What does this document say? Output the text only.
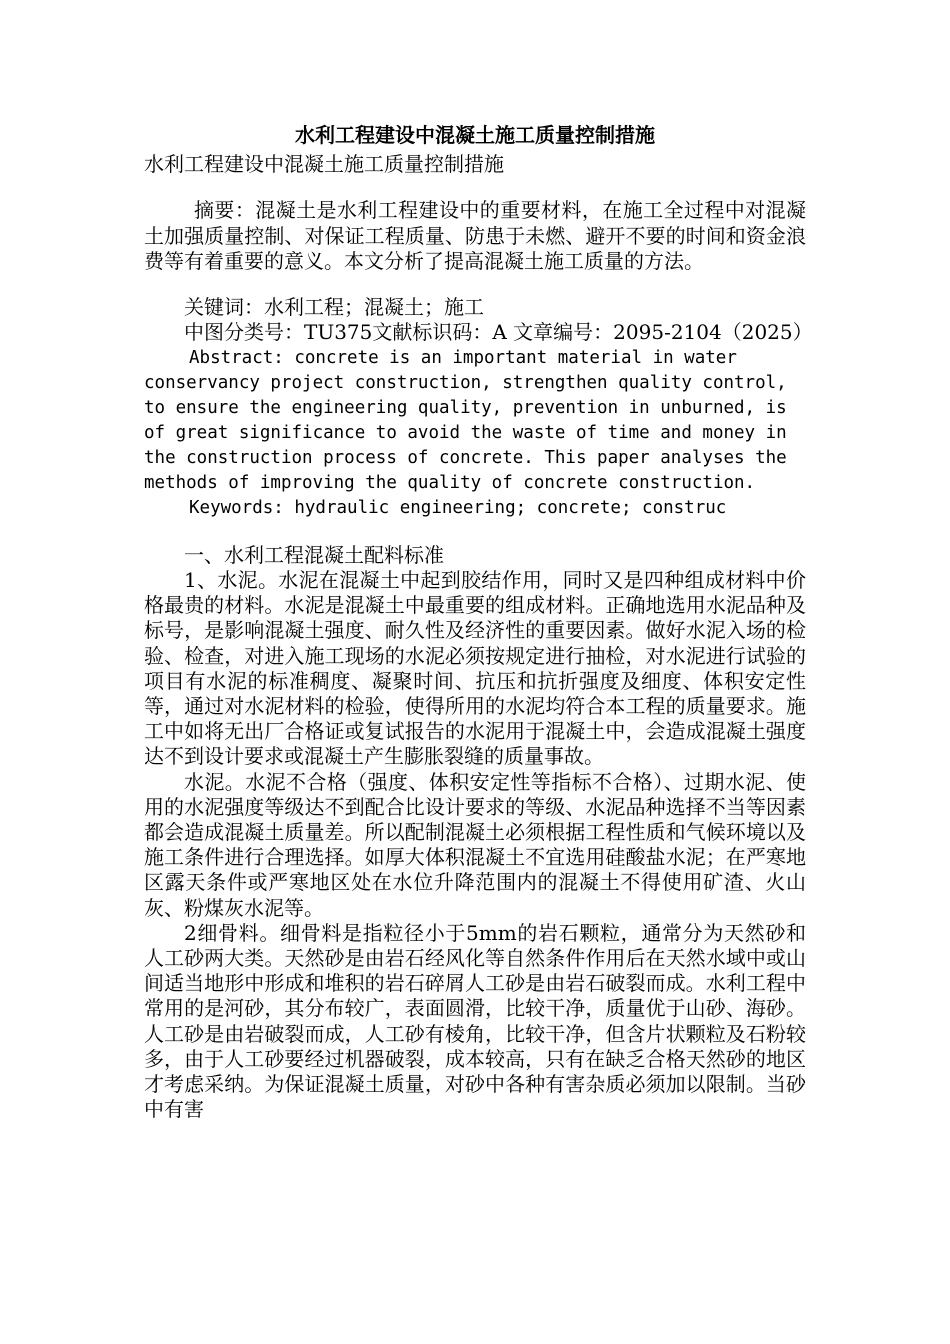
水利工程建设中混凝土施工质量控制措施
水利工程建设中混凝土施工质量控制措施

摘要：混凝土是水利工程建设中的重要材料，在施工全过程中对混凝土加强质量控制、对保证工程质量、防患于未燃、避开不要的时间和资金浪费等有着重要的意义。本文分析了提高混凝土施工质量的方法。

关键词：水利工程；混凝土；施工

中图分类号：TU375文献标识码：A 文章编号：2095-2104（2025）

Abstract: concrete is an important material in water conservancy project construction, strengthen quality control, to ensure the engineering quality, prevention in unburned, is of great significance to avoid the waste of time and money in the construction process of concrete. This paper analyses the methods of improving the quality of concrete construction.

Keywords: hydraulic engineering; concrete; construc

一、水利工程混凝土配料标准

1、水泥。水泥在混凝土中起到胶结作用，同时又是四种组成材料中价格最贵的材料。水泥是混凝土中最重要的组成材料。正确地选用水泥品种及标号，是影响混凝土强度、耐久性及经济性的重要因素。做好水泥入场的检验、检查，对进入施工现场的水泥必须按规定进行抽检，对水泥进行试验的项目有水泥的标准稠度、凝聚时间、抗压和抗折强度及细度、体积安定性等，通过对水泥材料的检验，使得所用的水泥均符合本工程的质量要求。施工中如将无出厂合格证或复试报告的水泥用于混凝土中，会造成混凝土强度达不到设计要求或混凝土产生膨胀裂缝的质量事故。

水泥。水泥不合格（强度、体积安定性等指标不合格）、过期水泥、使用的水泥强度等级达不到配合比设计要求的等级、水泥品种选择不当等因素都会造成混凝土质量差。所以配制混凝土必须根据工程性质和气候环境以及施工条件进行合理选择。如厚大体积混凝土不宜选用硅酸盐水泥；在严寒地区露天条件或严寒地区处在水位升降范围内的混凝土不得使用矿渣、火山灰、粉煤灰水泥等。

2细骨料。细骨料是指粒径小于5mm的岩石颗粒，通常分为天然砂和人工砂两大类。天然砂是由岩石经风化等自然条件作用后在天然水域中或山间适当地形中形成和堆积的岩石碎屑人工砂是由岩石破裂而成。水利工程中常用的是河砂，其分布较广，表面圆滑，比较干净，质量优于山砂、海砂。人工砂是由岩破裂而成，人工砂有棱角，比较干净，但含片状颗粒及石粉较多，由于人工砂要经过机器破裂，成本较高，只有在缺乏合格天然砂的地区才考虑采纳。为保证混凝土质量，对砂中各种有害杂质必须加以限制。当砂中有害
